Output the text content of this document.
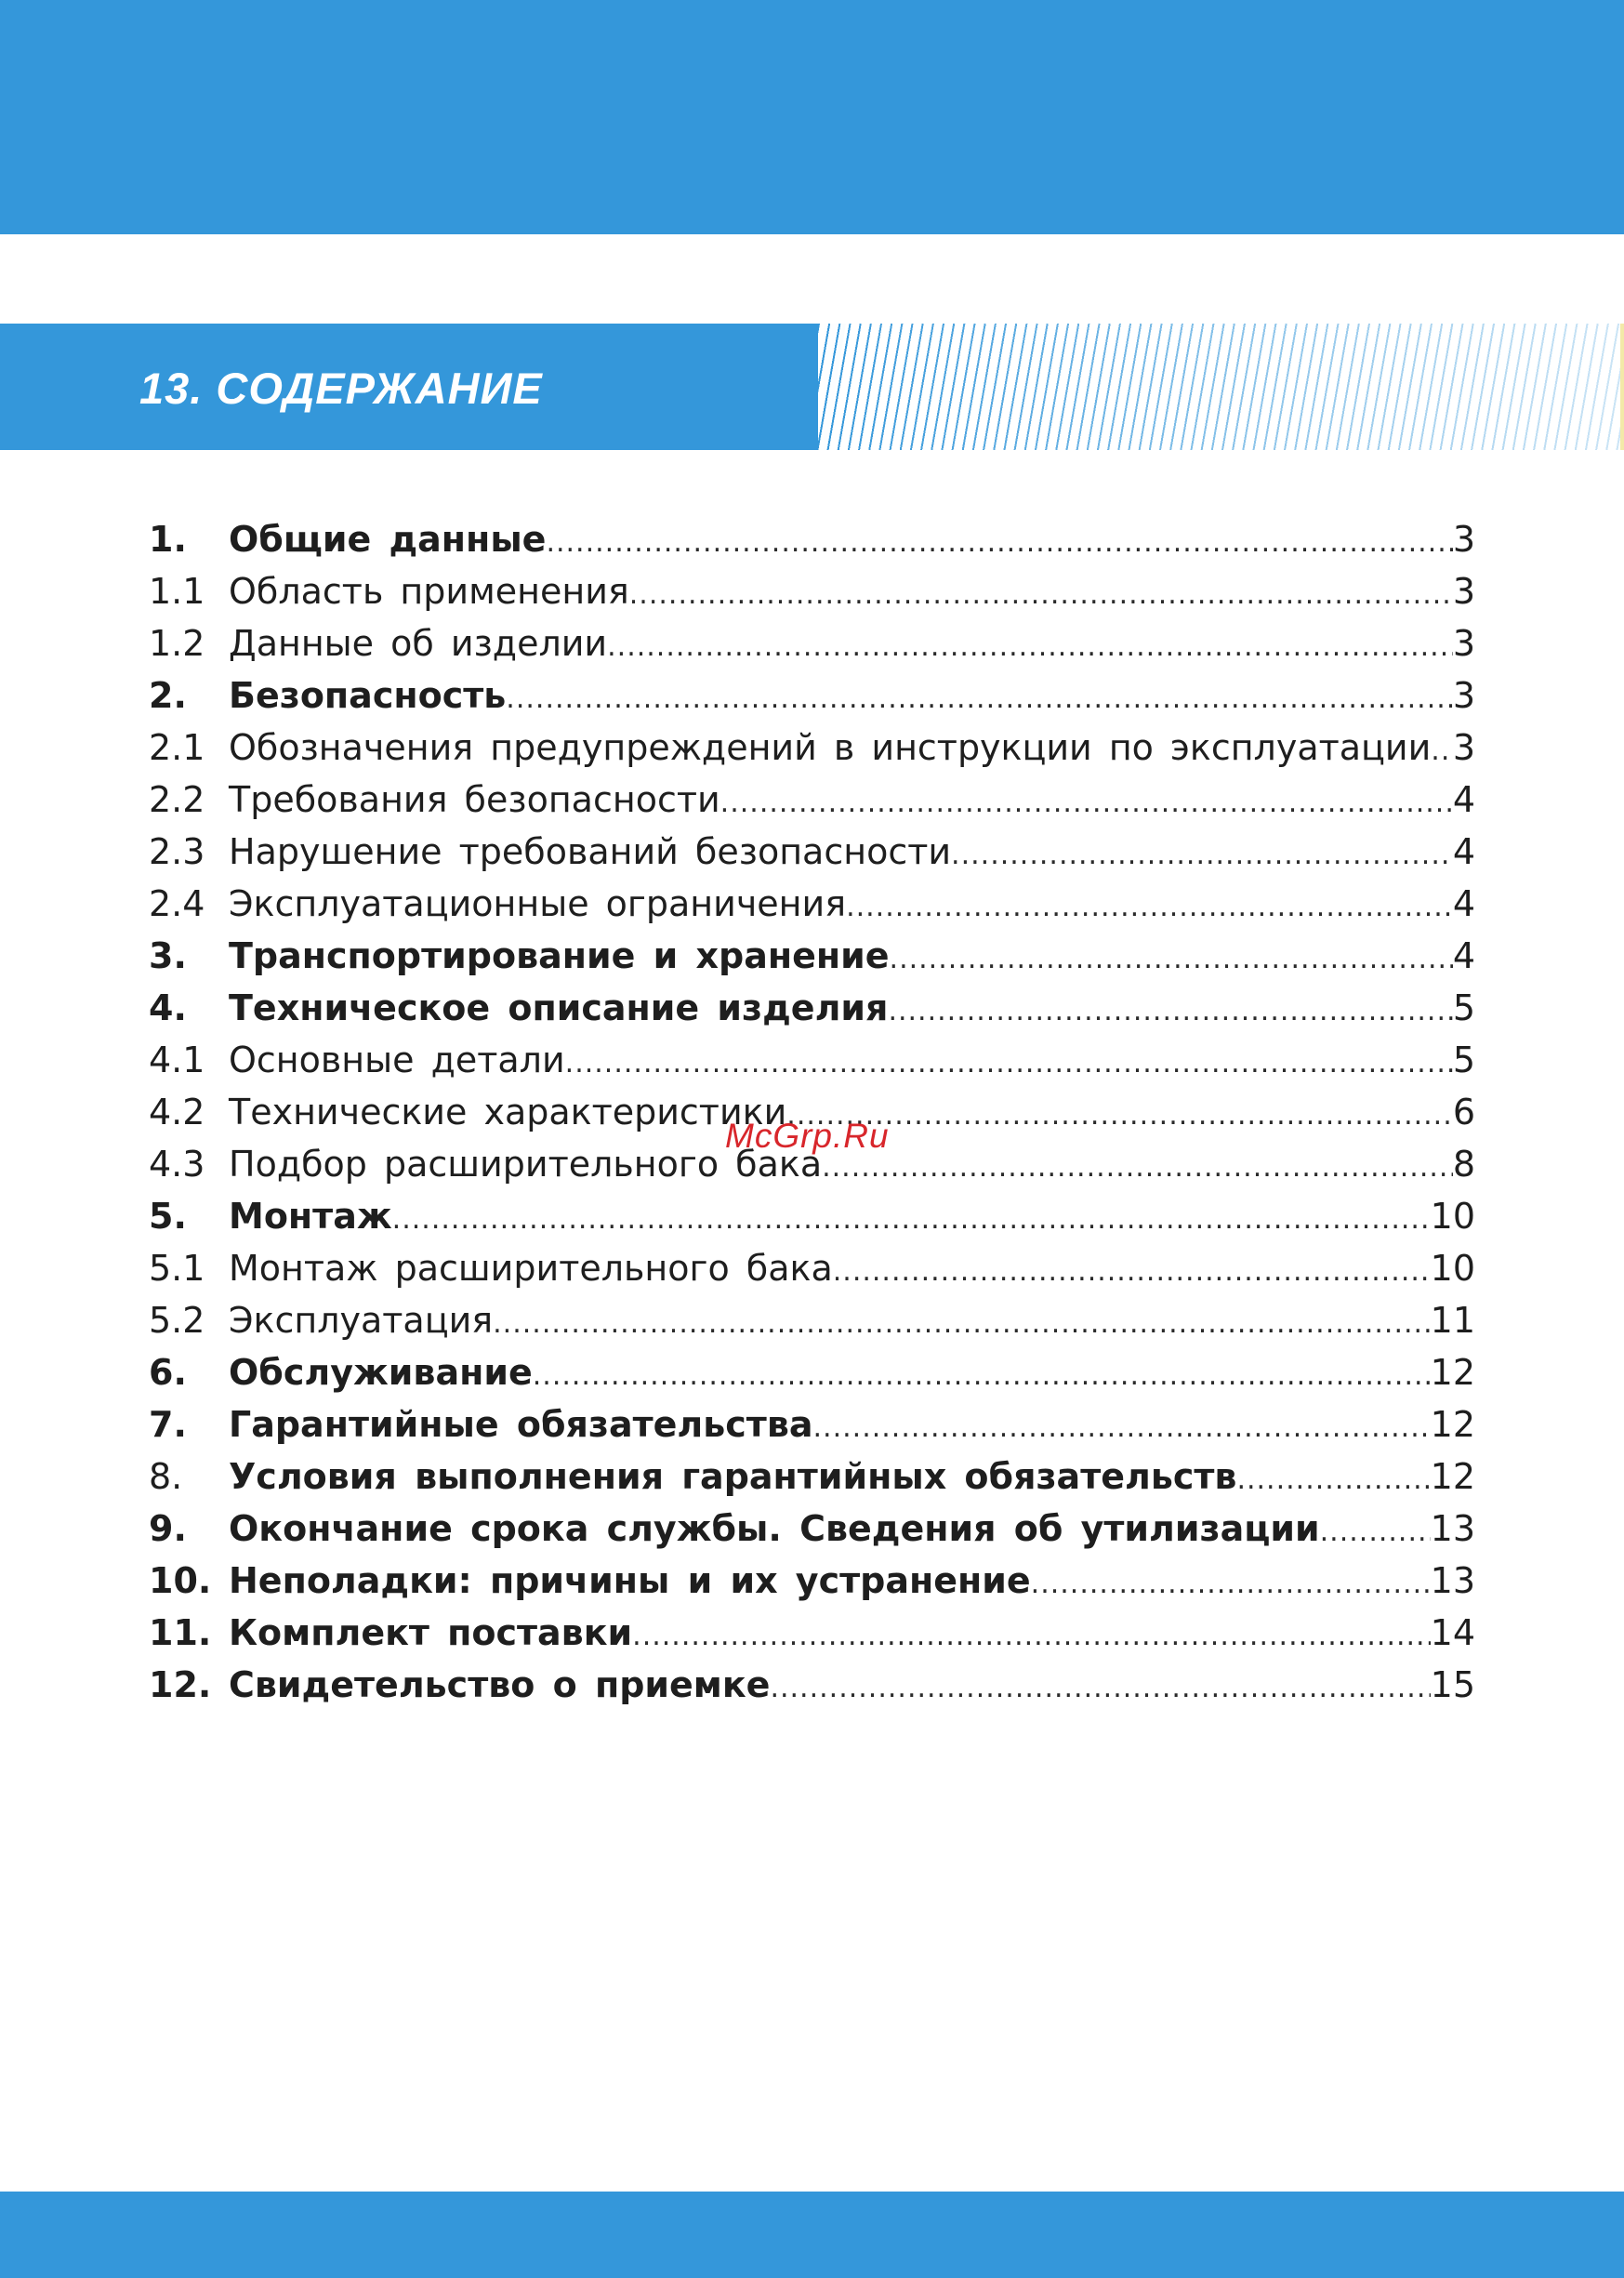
13. СОДЕРЖАНИЕ
1.	Общие данные .....	3
1.1 Область применения .....	3
1.2 Данные об изделии .....	3
2.	Безопасность .....	3
2.1 Обозначения предупреждений в инструкции по эксплуатации ..... 3
2.2 Требования безопасности .....	4
2.3 Нарушение требований безопасности .....	4
2.4 Эксплуатационные ограничения .....	4
3.	Транспортирование и хранение .....	4
4.	Техническое описание изделия .....	5
4.1 Основные детали .....	5
4.2 Технические характеристики .....	6
4.3 Подбор расширительного бака .....	8
5.	Монтаж .....	10
5.1 Монтаж расширительного бака .....	10
5.2 Эксплуатация .....	11
6.	Обслуживание .....	12
7.	Гарантийные обязательства .....	12
8.	Условия выполнения гарантийных обязательств .....	12
9.	Окончание срока службы. Сведения об утилизации .....	13
10. Неполадки: причины и их устранение .....	13
11. Комплект поставки .....	14
12. Свидетельство о приемке .....	15

McGrp.Ru
